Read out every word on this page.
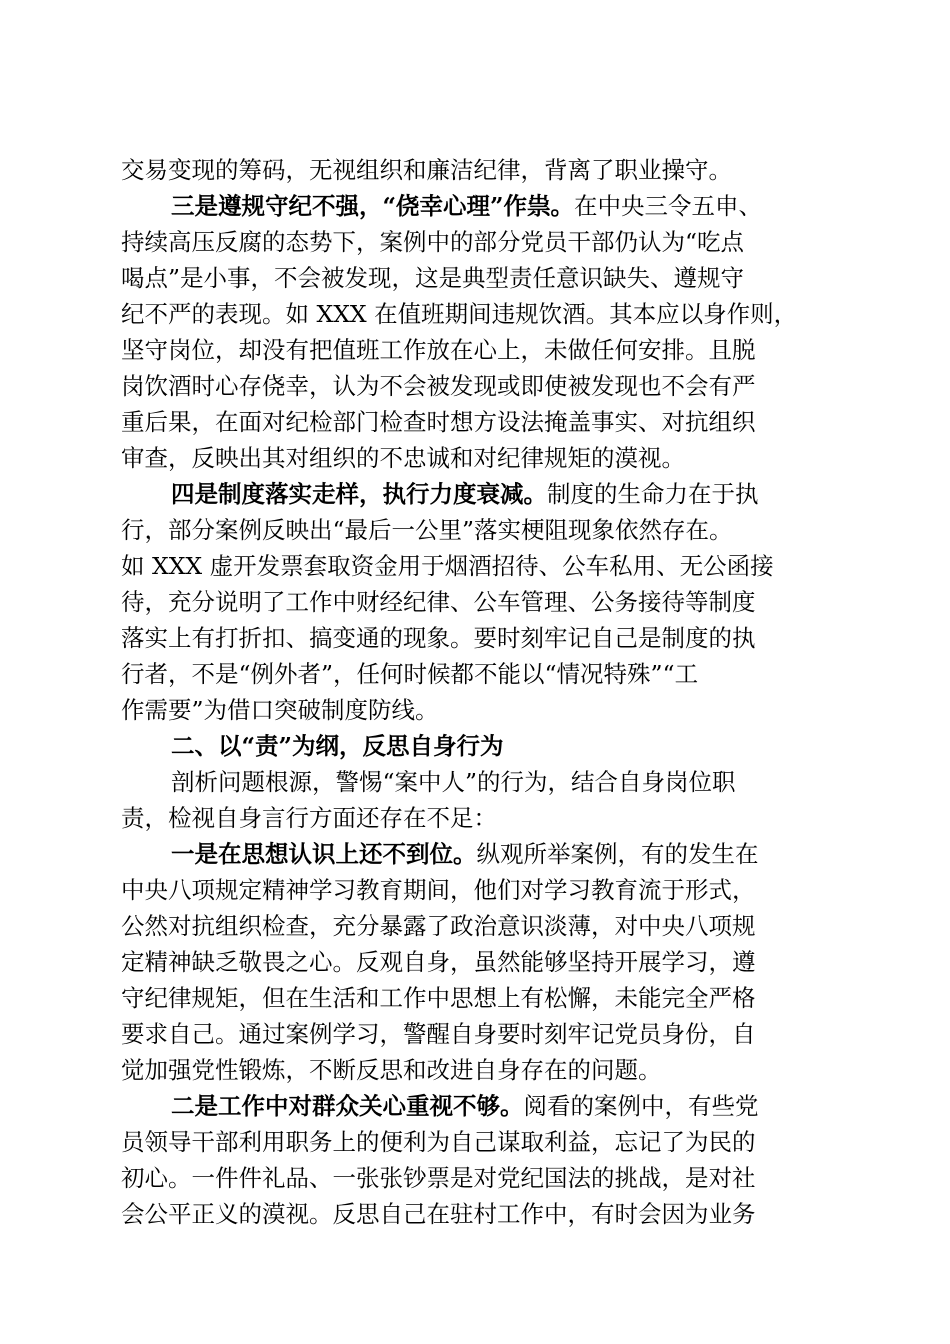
交易变现的筹码，无视组织和廉洁纪律，背离了职业操守。
三是遵规守纪不强，“侥幸心理”作祟。在中央三令五申、
持续高压反腐的态势下，案例中的部分党员干部仍认为“吃点
喝点”是小事，不会被发现，这是典型责任意识缺失、遵规守
纪不严的表现。如 XXX 在值班期间违规饮酒。其本应以身作则，
坚守岗位，却没有把值班工作放在心上，未做任何安排。且脱
岗饮酒时心存侥幸，认为不会被发现或即使被发现也不会有严
重后果，在面对纪检部门检查时想方设法掩盖事实、对抗组织
审查，反映出其对组织的不忠诚和对纪律规矩的漠视。
四是制度落实走样，执行力度衰减。制度的生命力在于执
行，部分案例反映出“最后一公里”落实梗阻现象依然存在。
如 XXX 虚开发票套取资金用于烟酒招待、公车私用、无公函接
待，充分说明了工作中财经纪律、公车管理、公务接待等制度
落实上有打折扣、搞变通的现象。要时刻牢记自己是制度的执
行者，不是“例外者”，任何时候都不能以“情况特殊”“工
作需要”为借口突破制度防线。
二、以“责”为纲，反思自身行为
剖析问题根源，警惕“案中人”的行为，结合自身岗位职
责，检视自身言行方面还存在不足：
一是在思想认识上还不到位。纵观所举案例，有的发生在
中央八项规定精神学习教育期间，他们对学习教育流于形式，
公然对抗组织检查，充分暴露了政治意识淡薄，对中央八项规
定精神缺乏敬畏之心。反观自身，虽然能够坚持开展学习，遵
守纪律规矩，但在生活和工作中思想上有松懈，未能完全严格
要求自己。通过案例学习，警醒自身要时刻牢记党员身份，自
觉加强党性锻炼，不断反思和改进自身存在的问题。
二是工作中对群众关心重视不够。阅看的案例中，有些党
员领导干部利用职务上的便利为自己谋取利益，忘记了为民的
初心。一件件礼品、一张张钞票是对党纪国法的挑战，是对社
会公平正义的漠视。反思自己在驻村工作中，有时会因为业务
